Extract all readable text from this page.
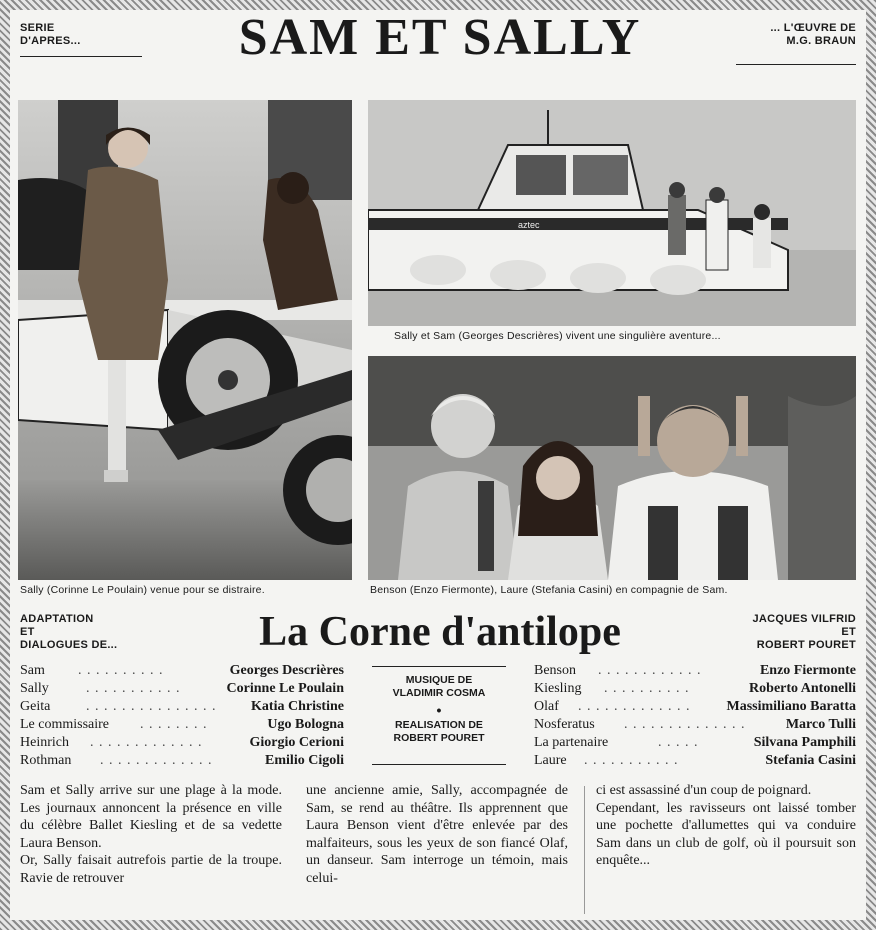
SERIE
D'APRES...	SAM ET SALLY	... L'ŒUVRE DE
M.G. BRAUN
Sally (Corinne Le Poulain) venue pour se distraire.
aztec
Sally et Sam (Georges Descrières) vivent une singulière aventure...
Benson (Enzo Fiermonte), Laure (Stefania Casini) en compagnie de Sam.
ADAPTATION
ET
DIALOGUES DE...	La Corne d'antilope	JACQUES VILFRID
ET
ROBERT POURET
Sam . . . . . . . . . .	Georges Descrières
Sally	. . . . . . . . . . .	Corinne Le Poulain
Geita	. . . . . . . . . . . . . . . Katia Christine
Le commissaire . . . . . . . .	Ugo Bologna
Heinrich . . . . . . . . . . . . .	Giorgio Cerioni
Rothman . . . . . . . . . . . . .	Emilio Cigoli
MUSIQUE DE
VLADIMIR COSMA
•
REALISATION DE
ROBERT POURET
Benson . . . . . . . . . . . .	Enzo Fiermonte
Kiesling . . . . . . . . . .	Roberto Antonelli
Olaf . . . . . . . . . . . . .	Massimiliano Baratta
Nosferatus . . . . . . . . . . . . . .	Marco Tulli
La partenaire	. . . . .	Silvana Pamphili
Laure . . . . . . . . . . .	Stefania Casini

Sam et Sally arrive sur une plage à la mode. Les journaux annoncent la présence en ville du célèbre Ballet Kiesling et de sa vedette Laura Benson.

Or, Sally faisait autrefois partie de la troupe. Ravie de retrouver

une ancienne amie, Sally, accompagnée de Sam, se rend au théâtre. Ils apprennent que Laura Benson vient d'être enlevée par des malfaiteurs, sous les yeux de son fiancé Olaf, un danseur. Sam interroge un témoin, mais celui-

ci est assassiné d'un coup de poignard.

Cependant, les ravisseurs ont laissé tomber une pochette d'allumettes qui va conduire Sam dans un club de golf, où il poursuit son enquête...
